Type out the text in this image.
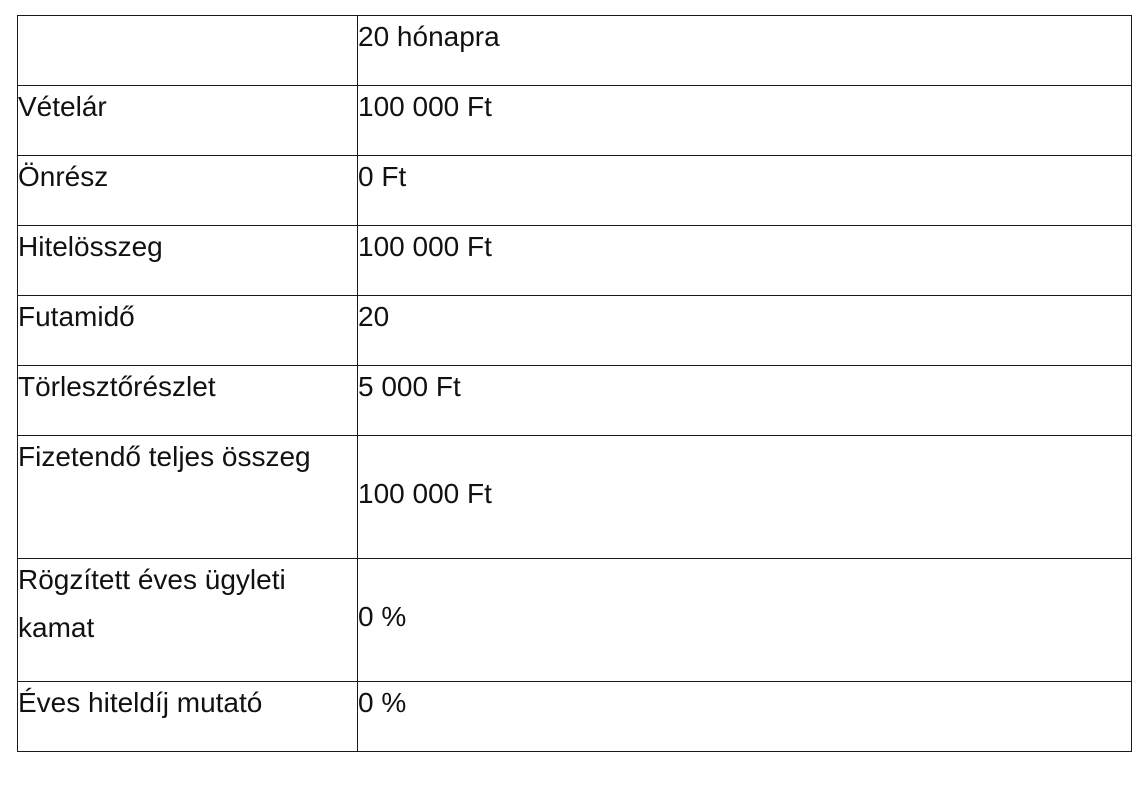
	20 hónapra

Vételár	100 000 Ft

Önrész	0 Ft

Hitelösszeg	100 000 Ft

Futamidő	20

Törlesztőrészlet	5 000 Ft

Fizetendő teljes összeg	100 000 Ft

Rögzített éves ügyleti kamat	0 %

Éves hiteldíj mutató	0 %
